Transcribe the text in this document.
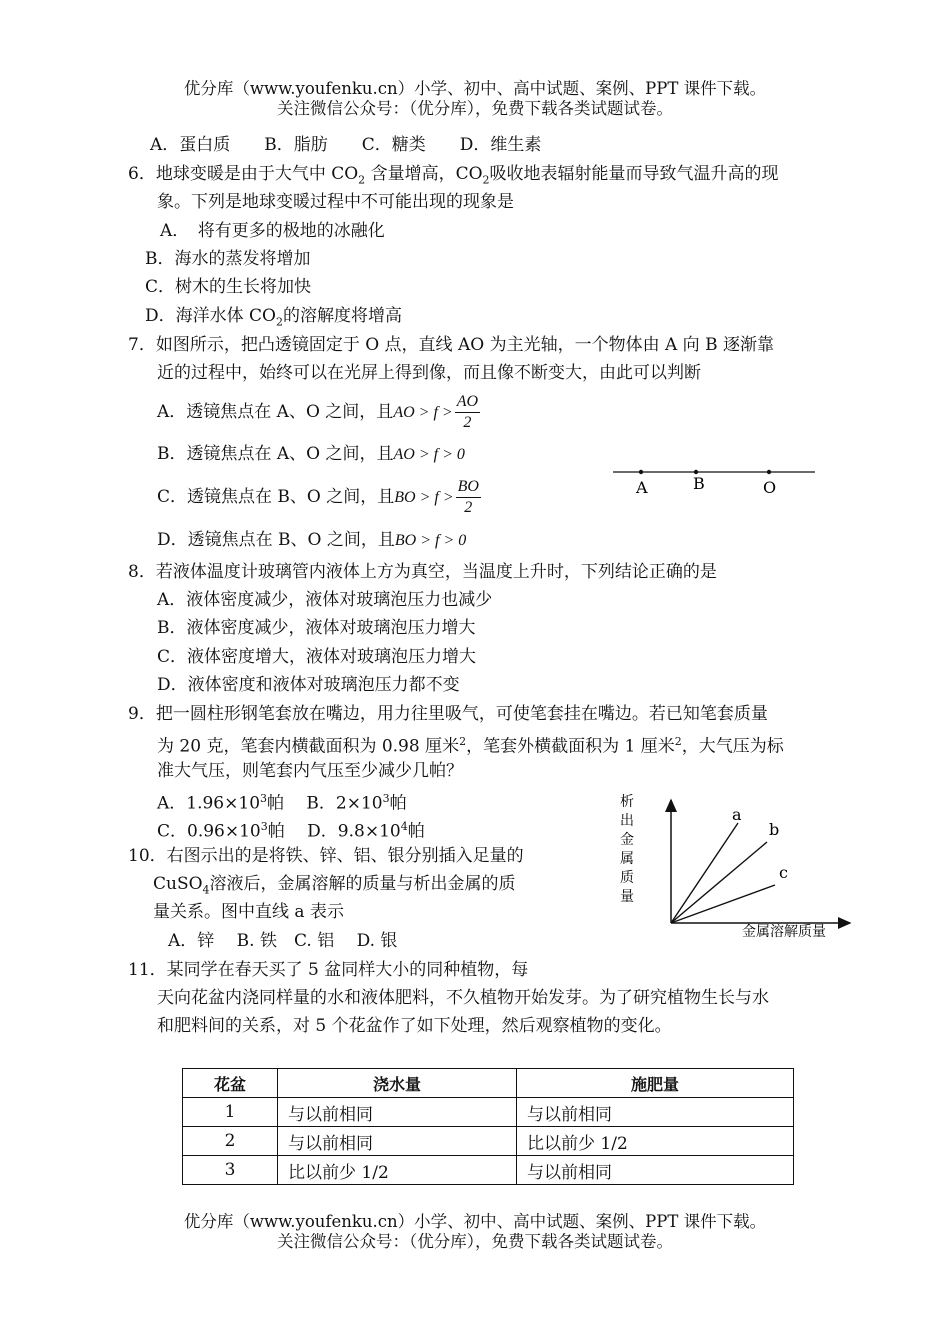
优分库（www.youfenku.cn）小学、初中、高中试题、案例、PPT 课件下载。
关注微信公众号：（优分库），免费下载各类试题试卷。
A．蛋白质　　B．脂肪　　C．糖类　　D．维生素
6．地球变暖是由于大气中 $CO_2$ 含量增高，$CO_2$吸收地表辐射能量而导致气温升高的现
象。下列是地球变暖过程中不可能出现的现象是
A．　将有更多的极地的冰融化
B．海水的蒸发将增加
C．树木的生长将加快
D．海洋水体 $CO_2$的溶解度将增高
7．如图所示，把凸透镜固定于 O 点，直线 AO 为主光轴，一个物体由 A 向 B 逐渐靠
近的过程中，始终可以在光屏上得到像，而且像不断变大，由此可以判断
A．透镜焦点在 A、O 之间，且AO > $f > \frac{AO}{2}$
B．透镜焦点在 A、O 之间，且AO > f > 0
C．透镜焦点在 B、O 之间，且BO > $f > \frac{BO}{2}$
D．透镜焦点在 B、O 之间，且BO > f > 0
A	B	O
8．若液体温度计玻璃管内液体上方为真空，当温度上升时，下列结论正确的是
A．液体密度减少，液体对玻璃泡压力也减少
B．液体密度减少，液体对玻璃泡压力增大
C．液体密度增大，液体对玻璃泡压力增大
D．液体密度和液体对玻璃泡压力都不变
9．把一圆柱形钢笔套放在嘴边，用力往里吸气，可使笔套挂在嘴边。若已知笔套质量
为 20 克，笔套内横截面积为 0.98 厘米$^2$，笔套外横截面积为 1 厘米$^2$，大气压为标
准大气压，则笔套内气压至少减少几帕？
A．$1.96\times 10^3$帕　 B．$2\times 10^3$帕
C．$0.96\times 10^3$帕　 D．$9.8\times 10^4$帕
10．右图示出的是将铁、锌、铝、银分别插入足量的
CuSO$_4$溶液后，金属溶解的质量与析出金属的质
量关系。图中直线 a 表示
A．锌　 B. 铁　C. 铝　 D. 银
a
b
c
析
出
金
属
质
量
金属溶解质量
11．某同学在春天买了 5 盆同样大小的同种植物，每
天向花盆内浇同样量的水和液体肥料，不久植物开始发芽。为了研究植物生长与水
和肥料间的关系，对 5 个花盆作了如下处理，然后观察植物的变化。
花盆	浇水量	施肥量
1	与以前相同	与以前相同
2	与以前相同	比以前少 1/2
3	比以前少 1/2	与以前相同
优分库（www.youfenku.cn）小学、初中、高中试题、案例、PPT 课件下载。
关注微信公众号：（优分库），免费下载各类试题试卷。
